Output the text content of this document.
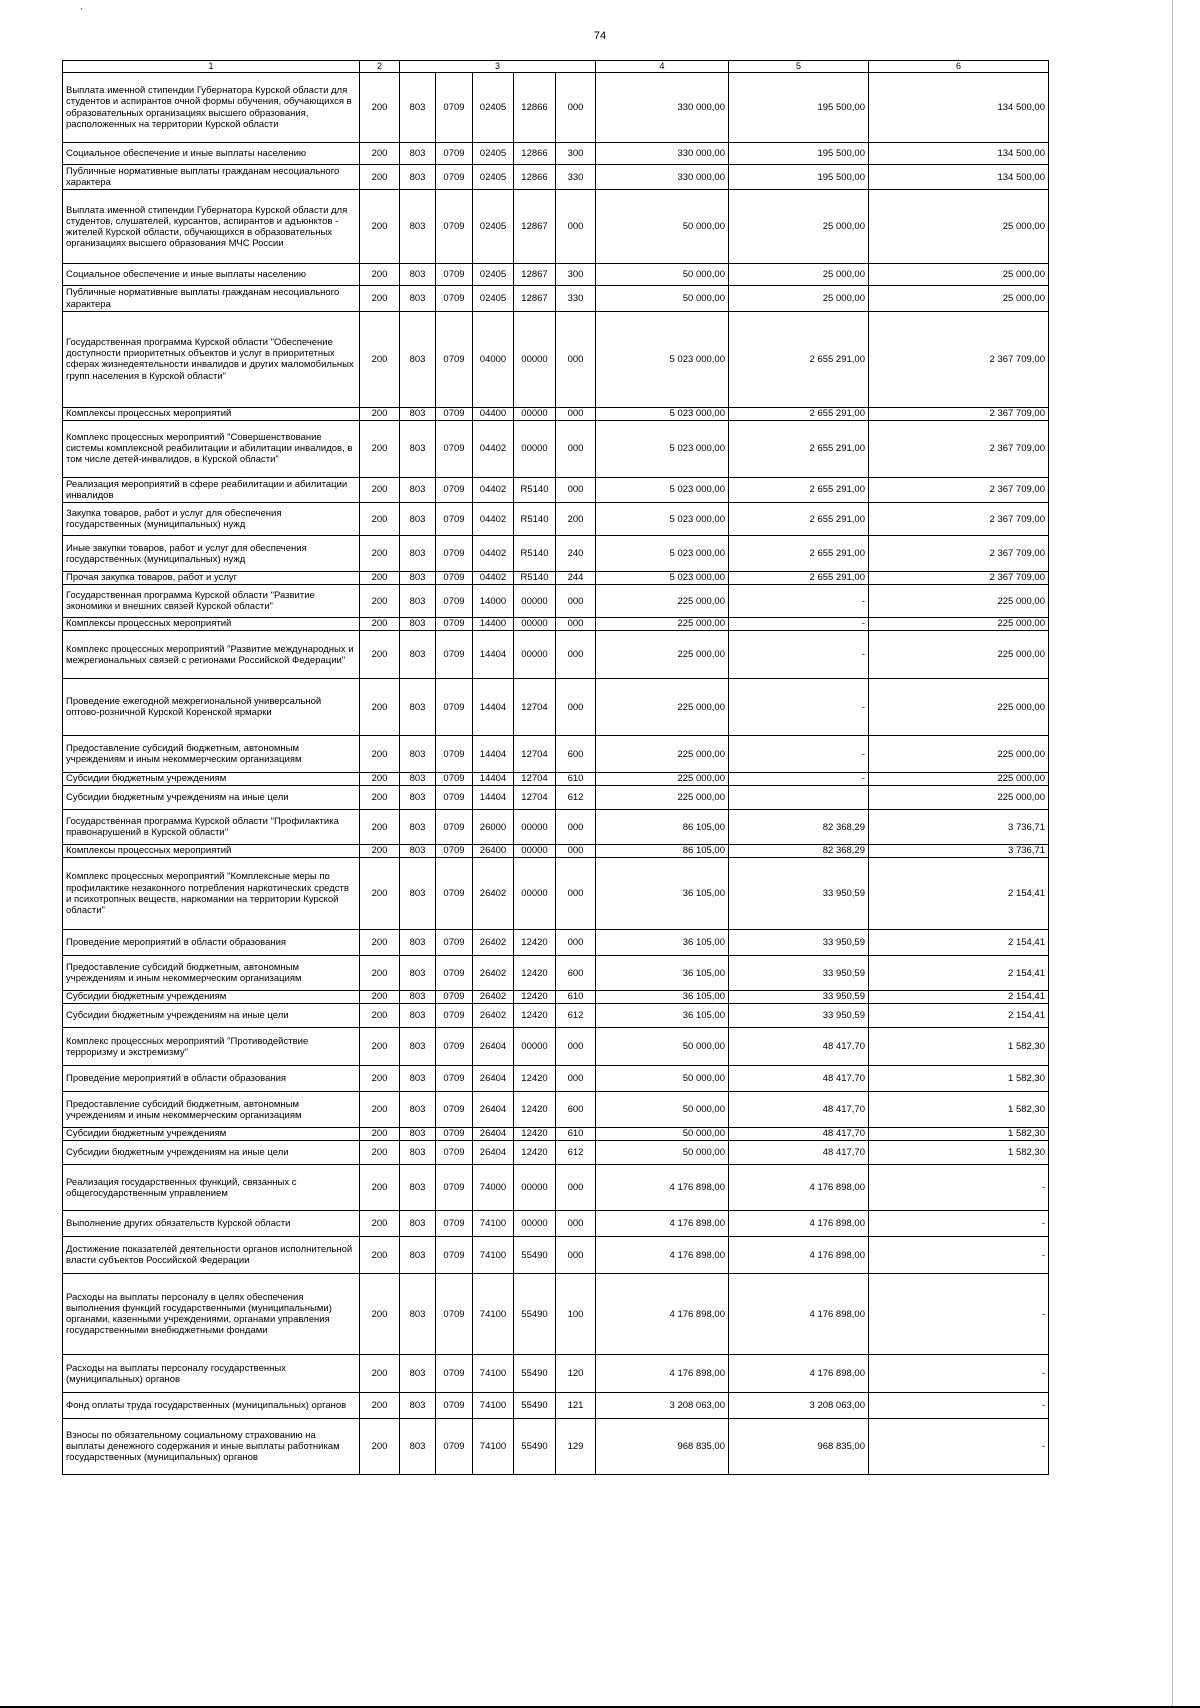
˙
74
1	2	3					4	5	6
Выплата именной стипендии Губернатора Курской области для студентов и аспирантов очной формы обучения, обучающихся в образовательных организациях высшего образования, расположенных на территории Курской области	200	803	0709	02405	12866	000	330 000,00	195 500,00	134 500,00
Социальное обеспечение и иные выплаты населению	200	803	0709	02405	12866	300	330 000,00	195 500,00	134 500,00
Публичные нормативные выплаты гражданам несоциального характера	200	803	0709	02405	12866	330	330 000,00	195 500,00	134 500,00
Выплата именной стипендии Губернатора Курской области для студентов, слушателей, курсантов, аспирантов и адъюнктов - жителей Курской области, обучающихся в образовательных организациях высшего образования МЧС России	200	803	0709	02405	12867	000	50 000,00	25 000,00	25 000,00
Социальное обеспечение и иные выплаты населению	200	803	0709	02405	12867	300	50 000,00	25 000,00	25 000,00
Публичные нормативные выплаты гражданам несоциального характера	200	803	0709	02405	12867	330	50 000,00	25 000,00	25 000,00
Государственная программа Курской области "Обеспечение доступности приоритетных объектов и услуг в приоритетных сферах жизнедеятельности инвалидов и других маломобильных групп населения в Курской области"	200	803	0709	04000	00000	000	5 023 000,00	2 655 291,00	2 367 709,00
Комплексы процессных мероприятий	200	803	0709	04400	00000	000	5 023 000,00	2 655 291,00	2 367 709,00
Комплекс процессных мероприятий "Совершенствование системы комплексной реабилитации и абилитации инвалидов, в том числе детей-инвалидов, в Курской области"	200	803	0709	04402	00000	000	5 023 000,00	2 655 291,00	2 367 709,00
Реализация мероприятий в сфере реабилитации и абилитации инвалидов	200	803	0709	04402	R5140	000	5 023 000,00	2 655 291,00	2 367 709,00
Закупка товаров, работ и услуг для обеспечения государственных (муниципальных) нужд	200	803	0709	04402	R5140	200	5 023 000,00	2 655 291,00	2 367 709,00
Иные закупки товаров, работ и услуг для обеспечения государственных (муниципальных) нужд	200	803	0709	04402	R5140	240	5 023 000,00	2 655 291,00	2 367 709,00
Прочая закупка товаров, работ и услуг	200	803	0709	04402	R5140	244	5 023 000,00	2 655 291,00	2 367 709,00
Государственная программа Курской области "Развитие экономики и внешних связей Курской области"	200	803	0709	14000	00000	000	225 000,00	-	225 000,00
Комплексы процессных мероприятий	200	803	0709	14400	00000	000	225 000,00	-	225 000,00
Комплекс процессных мероприятий "Развитие международных и межрегиональных связей с регионами Российской Федерации"	200	803	0709	14404	00000	000	225 000,00	-	225 000,00
Проведение ежегодной межрегиональной универсальной оптово-розничной Курской Коренской ярмарки	200	803	0709	14404	12704	000	225 000,00	-	225 000,00
Предоставление субсидий бюджетным, автономным учреждениям и иным некоммерческим организациям	200	803	0709	14404	12704	600	225 000,00	-	225 000,00
Субсидии бюджетным учреждениям	200	803	0709	14404	12704	610	225 000,00	-	225 000,00
Субсидии бюджетным учреждениям на иные цели	200	803	0709	14404	12704	612	225 000,00		225 000,00
Государственная программа Курской области "Профилактика правонарушений в Курской области"	200	803	0709	26000	00000	000	86 105,00	82 368,29	3 736,71
Комплексы процессных мероприятий	200	803	0709	26400	00000	000	86 105,00	82 368,29	3 736,71
Комплекс процессных мероприятий "Комплексные меры по профилактике незаконного потребления наркотических средств и психотропных веществ, наркомании на территории Курской области"	200	803	0709	26402	00000	000	36 105,00	33 950,59	2 154,41
Проведение мероприятий в области образования	200	803	0709	26402	12420	000	36 105,00	33 950,59	2 154,41
Предоставление субсидий бюджетным, автономным учреждениям и иным некоммерческим организациям	200	803	0709	26402	12420	600	36 105,00	33 950,59	2 154,41
Субсидии бюджетным учреждениям	200	803	0709	26402	12420	610	36 105,00	33 950,59	2 154,41
Субсидии бюджетным учреждениям на иные цели	200	803	0709	26402	12420	612	36 105,00	33 950,59	2 154,41
Комплекс процессных мероприятий "Противодействие терроризму и экстремизму"	200	803	0709	26404	00000	000	50 000,00	48 417,70	1 582,30
Проведение мероприятий в области образования	200	803	0709	26404	12420	000	50 000,00	48 417,70	1 582,30
Предоставление субсидий бюджетным, автономным учреждениям и иным некоммерческим организациям	200	803	0709	26404	12420	600	50 000,00	48 417,70	1 582,30
Субсидии бюджетным учреждениям	200	803	0709	26404	12420	610	50 000,00	48 417,70	1 582,30
Субсидии бюджетным учреждениям на иные цели	200	803	0709	26404	12420	612	50 000,00	48 417,70	1 582,30
Реализация государственных функций, связанных с общегосударственным управлением	200	803	0709	74000	00000	000	4 176 898,00	4 176 898,00	-
Выполнение других обязательств Курской области	200	803	0709	74100	00000	000	4 176 898,00	4 176 898,00	-
Достижение показателей деятельности органов исполнительной власти субъектов Российской Федерации	200	803	0709	74100	55490	000	4 176 898,00	4 176 898,00	-
Расходы на выплаты персоналу в целях обеспечения выполнения функций государственными (муниципальными) органами, казенными учреждениями, органами управления государственными внебюджетными фондами	200	803	0709	74100	55490	100	4 176 898,00	4 176 898,00	-
Расходы на выплаты персоналу государственных (муниципальных) органов	200	803	0709	74100	55490	120	4 176 898,00	4 176 898,00	-
Фонд оплаты труда государственных (муниципальных) органов	200	803	0709	74100	55490	121	3 208 063,00	3 208 063,00	-
Взносы по обязательному социальному страхованию на выплаты денежного содержания и иные выплаты работникам государственных (муниципальных) органов	200	803	0709	74100	55490	129	968 835,00	968 835,00	-
